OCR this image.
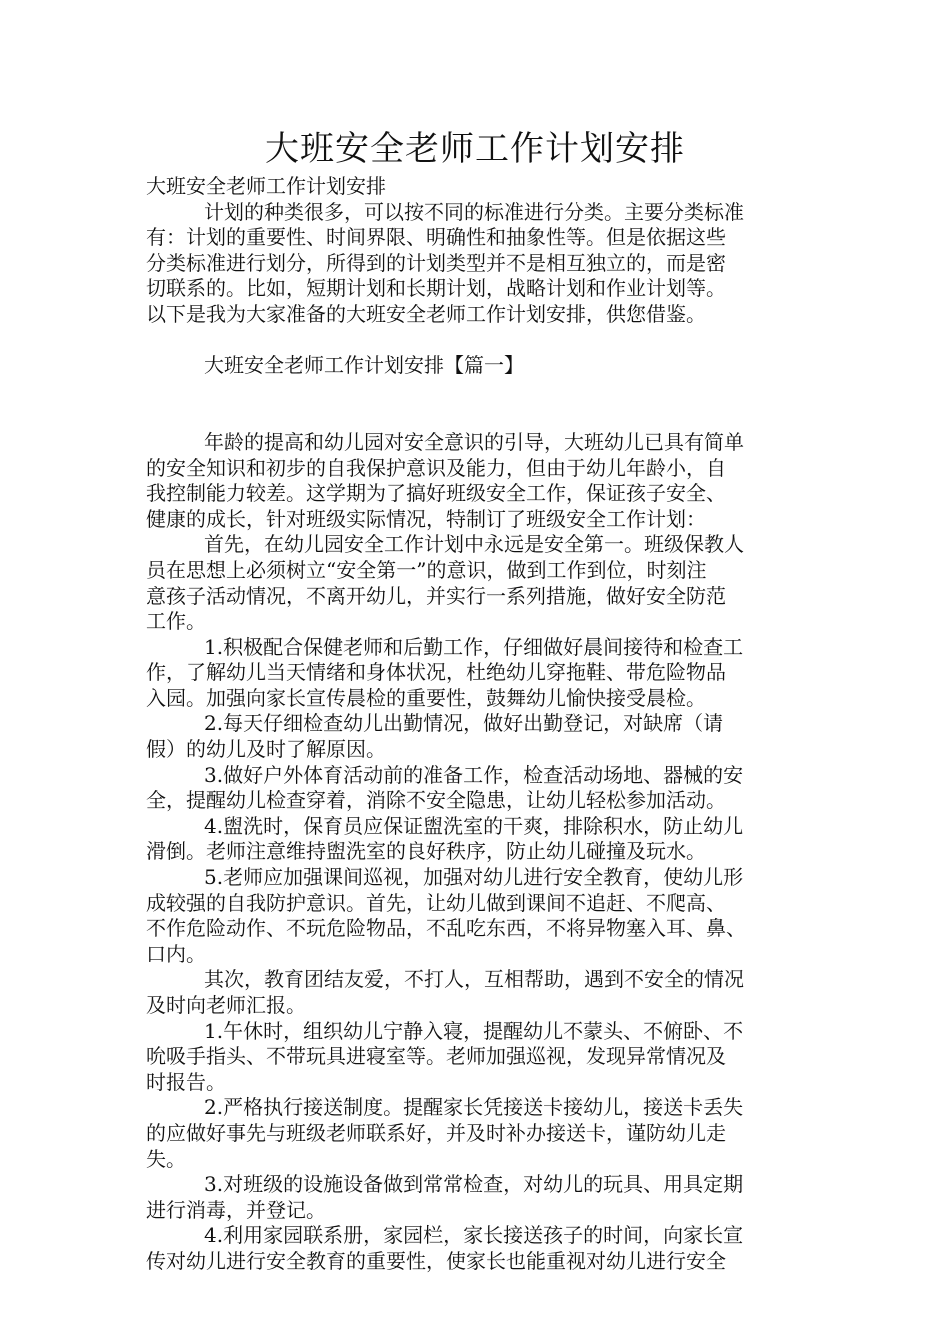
大班安全老师工作计划安排
大班安全老师工作计划安排
计划的种类很多，可以按不同的标准进行分类。主要分类标准
有：计划的重要性、时间界限、明确性和抽象性等。但是依据这些
分类标准进行划分，所得到的计划类型并不是相互独立的，而是密
切联系的。比如，短期计划和长期计划，战略计划和作业计划等。
以下是我为大家准备的大班安全老师工作计划安排，供您借鉴。
大班安全老师工作计划安排【篇一】
年龄的提高和幼儿园对安全意识的引导，大班幼儿已具有简单
的安全知识和初步的自我保护意识及能力，但由于幼儿年龄小，自
我控制能力较差。这学期为了搞好班级安全工作，保证孩子安全、
健康的成长，针对班级实际情况，特制订了班级安全工作计划：
首先，在幼儿园安全工作计划中永远是安全第一。班级保教人
员在思想上必须树立“安全第一”的意识，做到工作到位，时刻注
意孩子活动情况，不离开幼儿，并实行一系列措施，做好安全防范
工作。
1.积极配合保健老师和后勤工作，仔细做好晨间接待和检查工
作，了解幼儿当天情绪和身体状况，杜绝幼儿穿拖鞋、带危险物品
入园。加强向家长宣传晨检的重要性，鼓舞幼儿愉快接受晨检。
2.每天仔细检查幼儿出勤情况，做好出勤登记，对缺席（请
假）的幼儿及时了解原因。
3.做好户外体育活动前的准备工作，检查活动场地、器械的安
全，提醒幼儿检查穿着，消除不安全隐患，让幼儿轻松参加活动。
4.盥洗时，保育员应保证盥洗室的干爽，排除积水，防止幼儿
滑倒。老师注意维持盥洗室的良好秩序，防止幼儿碰撞及玩水。
5.老师应加强课间巡视，加强对幼儿进行安全教育，使幼儿形
成较强的自我防护意识。首先，让幼儿做到课间不追赶、不爬高、
不作危险动作、不玩危险物品，不乱吃东西，不将异物塞入耳、鼻、
口内。
其次，教育团结友爱，不打人，互相帮助，遇到不安全的情况
及时向老师汇报。
1.午休时，组织幼儿宁静入寝，提醒幼儿不蒙头、不俯卧、不
吮吸手指头、不带玩具进寝室等。老师加强巡视，发现异常情况及
时报告。
2.严格执行接送制度。提醒家长凭接送卡接幼儿，接送卡丢失
的应做好事先与班级老师联系好，并及时补办接送卡，谨防幼儿走
失。
3.对班级的设施设备做到常常检查，对幼儿的玩具、用具定期
进行消毒，并登记。
4.利用家园联系册，家园栏，家长接送孩子的时间，向家长宣
传对幼儿进行安全教育的重要性，使家长也能重视对幼儿进行安全
